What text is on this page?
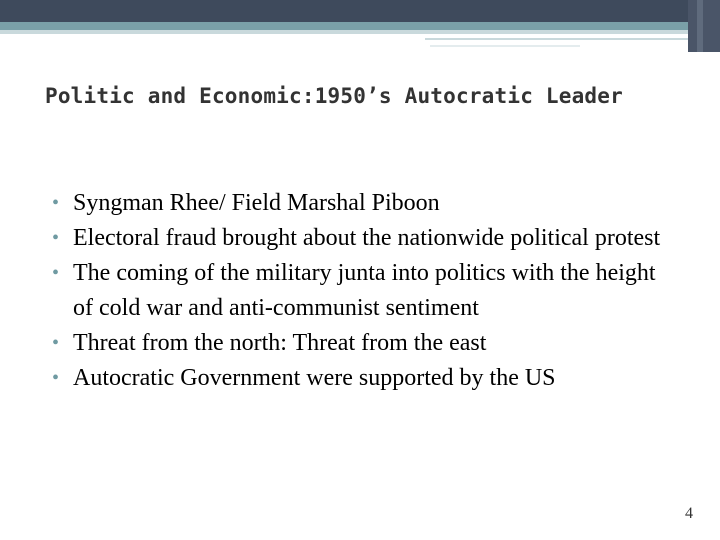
Politic and Economic:1950’s Autocratic Leader
• Syngman Rhee/ Field Marshal Piboon
• Electoral fraud brought about the nationwide political protest
• The coming of the military junta into politics with the height of cold war and anti-communist sentiment
• Threat from the north: Threat from the east
• Autocratic Government were supported by the US
4
